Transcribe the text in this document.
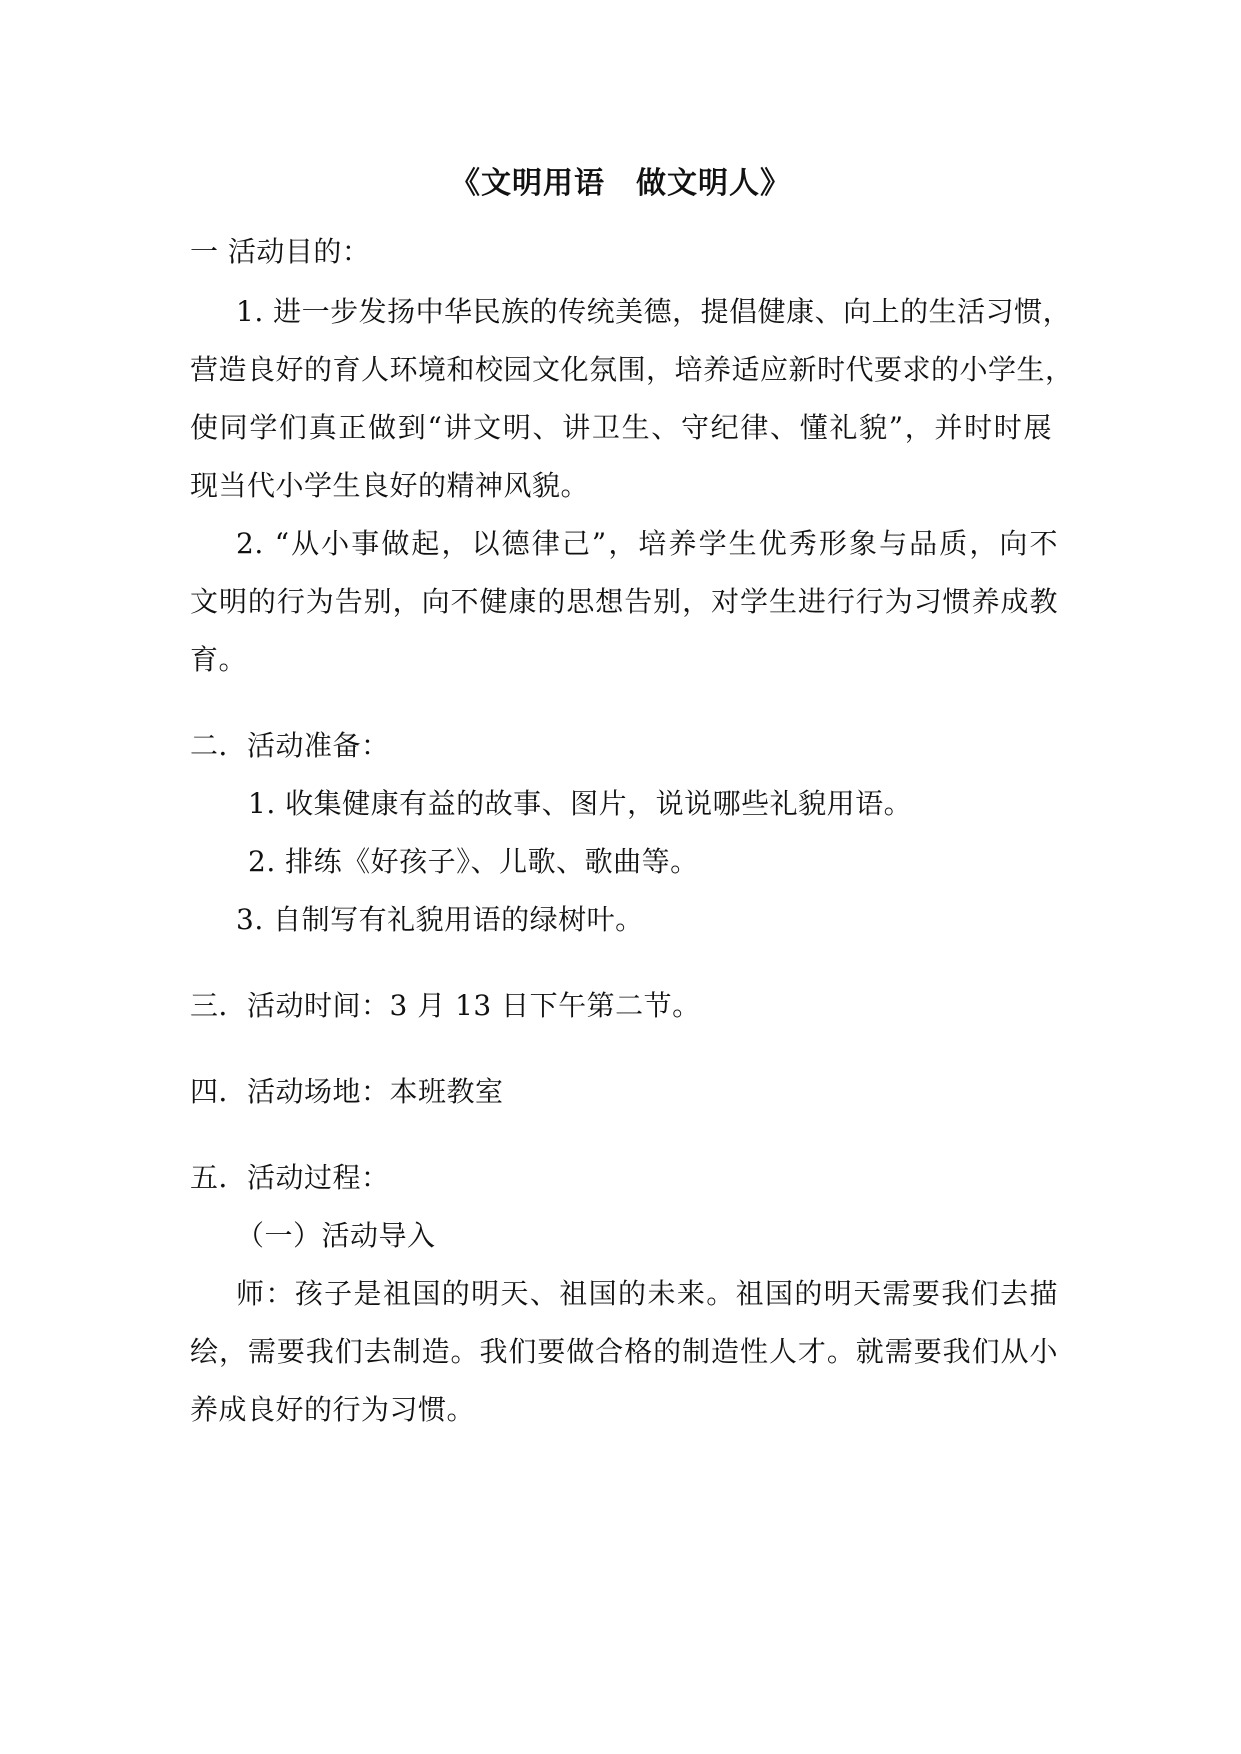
《文明用语　做文明人》
一 活动目的：
1. 进一步发扬中华民族的传统美德，提倡健康、向上的生活习惯，
营造良好的育人环境和校园文化氛围，培养适应新时代要求的小学生，
使同学们真正做到“讲文明、讲卫生、守纪律、懂礼貌”，并时时展
现当代小学生良好的精神风貌。
2. “从小事做起，以德律己”，培养学生优秀形象与品质，向不
文明的行为告别，向不健康的思想告别，对学生进行行为习惯养成教
育。
二．活动准备：
1. 收集健康有益的故事、图片，说说哪些礼貌用语。
2. 排练《好孩子》、儿歌、歌曲等。
3. 自制写有礼貌用语的绿树叶。
三．活动时间：3 月 13 日下午第二节。
四．活动场地：本班教室
五．活动过程：
（一）活动导入
师：孩子是祖国的明天、祖国的未来。祖国的明天需要我们去描
绘，需要我们去制造。我们要做合格的制造性人才。就需要我们从小
养成良好的行为习惯。
